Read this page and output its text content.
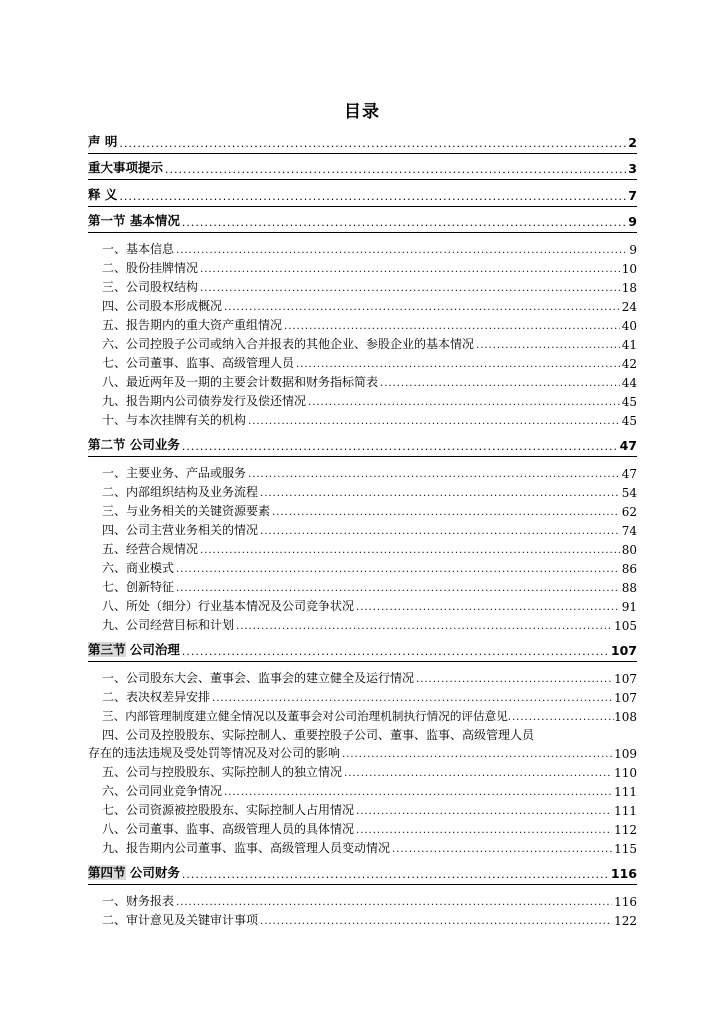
目录
声 明 .....	2
重大事项提示 .....	3
释 义 .....	7
第一节 基本情况 .....	9
一、基本信息 .....	9
二、股份挂牌情况 .....	10
三、公司股权结构 .....	18
四、公司股本形成概况 .....	24
五、报告期内的重大资产重组情况 .....	40
六、公司控股子公司或纳入合并报表的其他企业、参股企业的基本情况 .....	41
七、公司董事、监事、高级管理人员 .....	42
八、最近两年及一期的主要会计数据和财务指标简表 .....	44
九、报告期内公司债券发行及偿还情况 .....	45
十、与本次挂牌有关的机构 .....	45
第二节 公司业务 .....	47
一、主要业务、产品或服务 .....	47
二、内部组织结构及业务流程 .....	54
三、与业务相关的关键资源要素 .....	62
四、公司主营业务相关的情况 .....	74
五、经营合规情况 .....	80
六、商业模式 .....	86
七、创新特征 .....	88
八、所处（细分）行业基本情况及公司竞争状况 .....	91
九、公司经营目标和计划 .....	105
第三节 公司治理 .....	107
一、公司股东大会、董事会、监事会的建立健全及运行情况 .....	107
二、表决权差异安排 .....	107
三、内部管理制度建立健全情况以及董事会对公司治理机制执行情况的评估意见 .....	108
四、公司及控股股东、实际控制人、重要控股子公司、董事、监事、高级管理人员
存在的违法违规及受处罚等情况及对公司的影响 .....	109
五、公司与控股股东、实际控制人的独立情况 .....	110
六、公司同业竞争情况 .....	111
七、公司资源被控股股东、实际控制人占用情况 .....	111
八、公司董事、监事、高级管理人员的具体情况 .....	112
九、报告期内公司董事、监事、高级管理人员变动情况 .....	115
第四节 公司财务 .....	116
一、财务报表 .....	116
二、审计意见及关键审计事项 .....	122
